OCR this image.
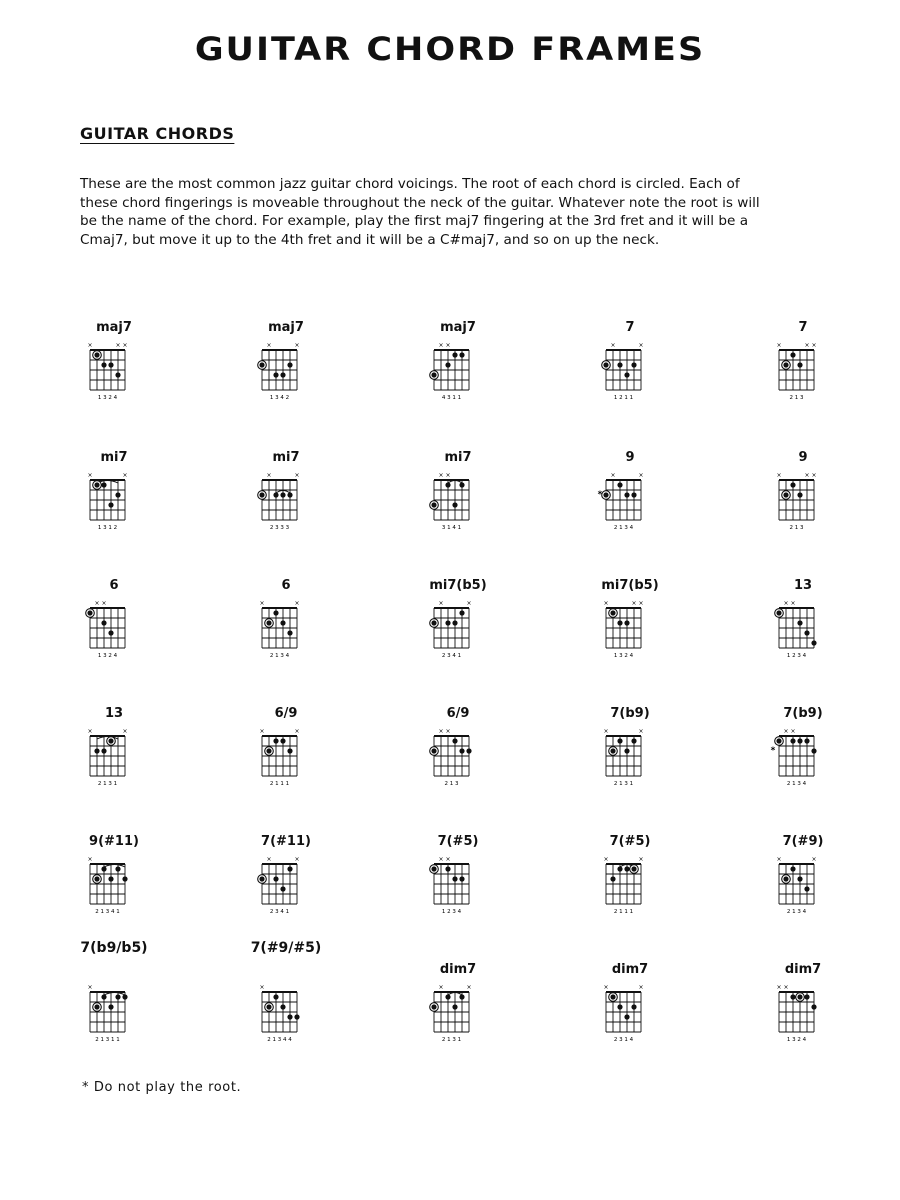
GUITAR CHORD FRAMES
GUITAR CHORDS

These are the most common jazz guitar chord voicings. The root of each chord is circled. Each of these chord fingerings is moveable throughout the neck of the guitar. Whatever note the root is will be the name of the chord. For example, play the first maj7 fingering at the 3rd fret and it will be a Cmaj7, but move it up to the 4th fret and it will be a C#maj7, and so on up the neck.

maj7
×	× ×
1 3 2 4
maj7
×	×
1 3 4 2
maj7
× ×
4 3 1 1
7
×	×
1 2 1 1
7
×	× ×
2 1 3
mi7
×	×
1 3 1 2
mi7
×	×
2 3 3 3
mi7
× ×
3 1 4 1
9
×	×
*
2 1 3 4
9
×	× ×
2 1 3
6
× ×
1 3 2 4
6
×	×
2 1 3 4
mi7(b5)
×	×
2 3 4 1
mi7(b5)
×	× ×
1 3 2 4
13
× ×
1 2 3 4
13
×	×
2 1 3 1
6/9
×	×
2 1 1 1
6/9
× ×
2 1 3
7(b9)
×	×
2 1 3 1
7(b9)
× ×
*
2 1 3 4
9(#11)
×
2 1 3 4 1
7(#11)
×	×
2 3 4 1
7(#5)
× ×
1 2 3 4
7(#5)
×	×
2 1 1 1
7(#9)
×	×
2 1 3 4
7(b9/b5)
×
2 1 3 1 1
7(#9/#5)
×
2 1 3 4 4
dim7
×	×
2 1 3 1
dim7
×	×
2 3 1 4
dim7
× ×
1 3 2 4
* Do not play the root.
